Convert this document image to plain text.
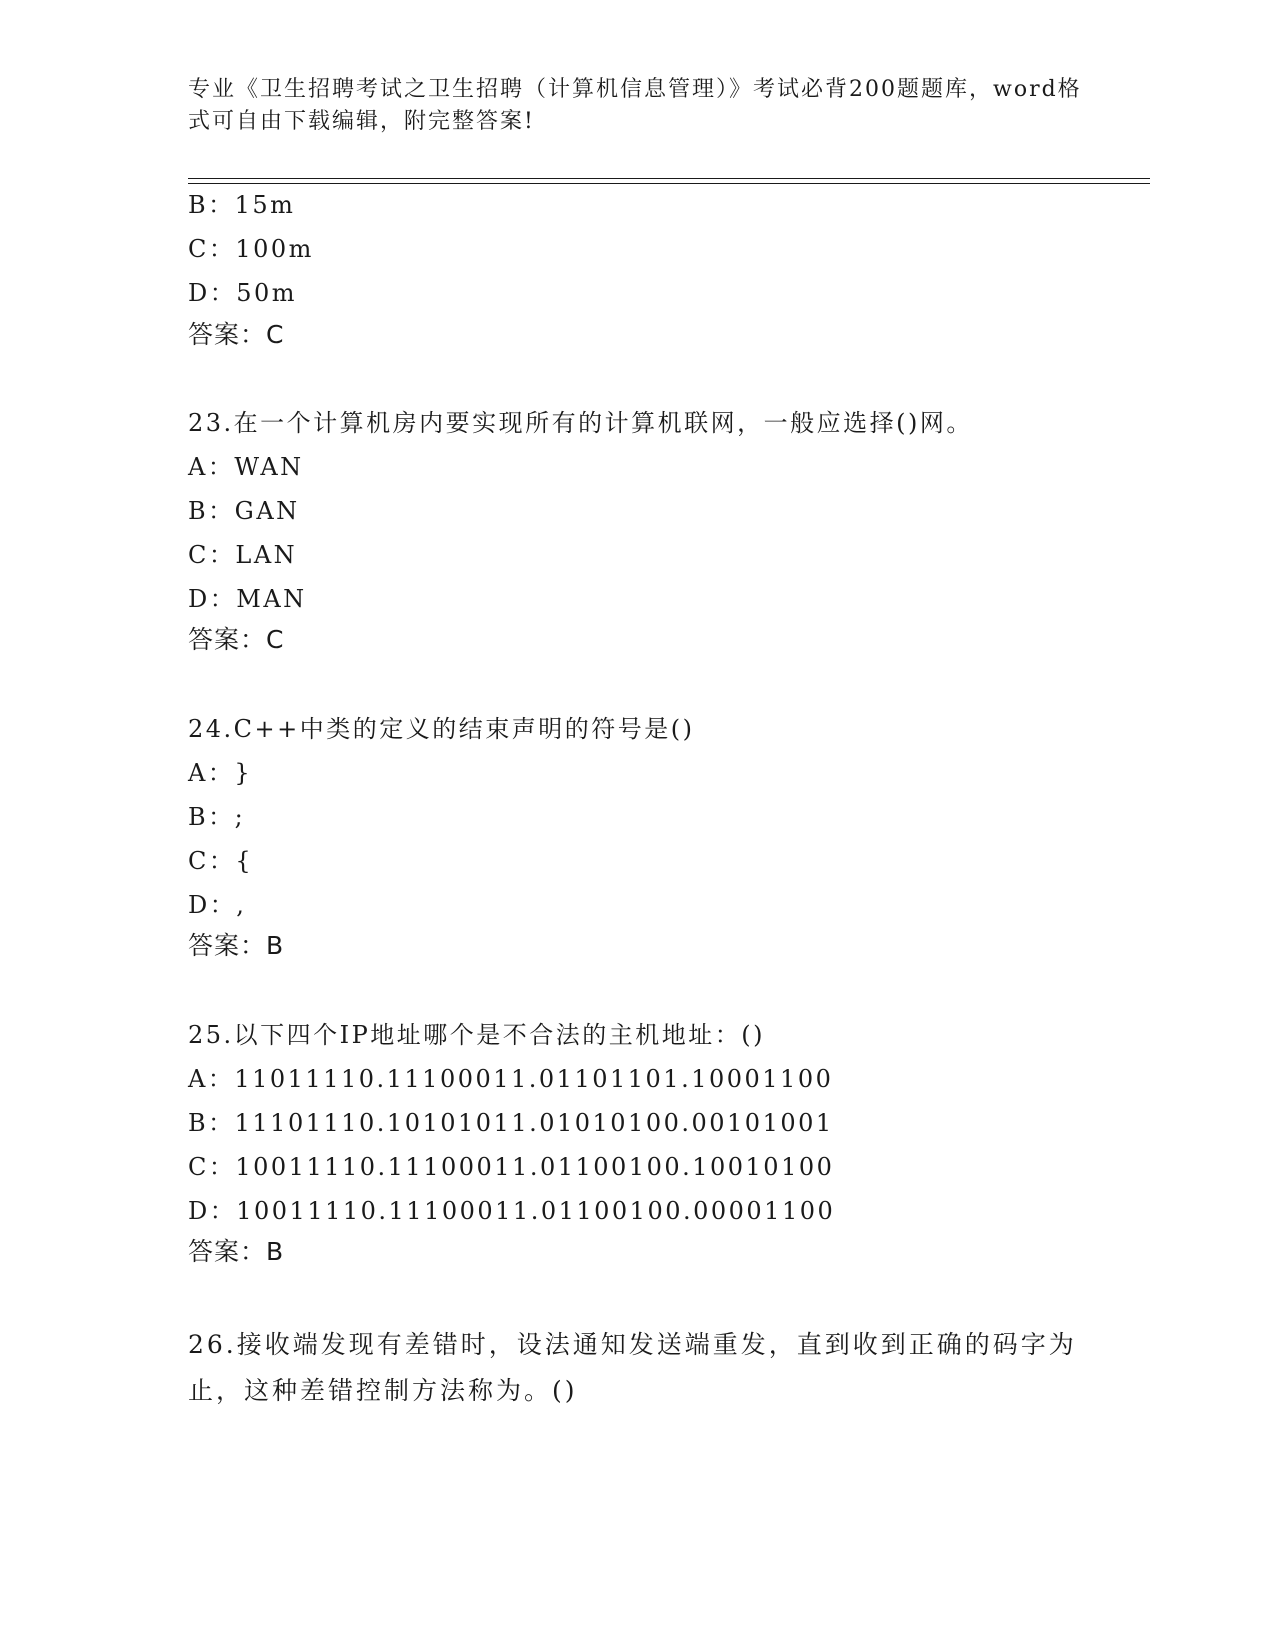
专业《卫生招聘考试之卫生招聘（计算机信息管理）》考试必背200题题库，word格式可自由下载编辑，附完整答案!
B：15m
C：100m
D：50m
答案：C
23.在一个计算机房内要实现所有的计算机联网，一般应选择()网。
A：WAN
B：GAN
C：LAN
D：MAN
答案：C
24.C++中类的定义的结束声明的符号是()
A：}
B：;
C：{
D：,
答案：B
25.以下四个IP地址哪个是不合法的主机地址：()
A：11011110.11100011.01101101.10001100
B：11101110.10101011.01010100.00101001
C：10011110.11100011.01100100.10010100
D：10011110.11100011.01100100.00001100
答案：B
26.接收端发现有差错时，设法通知发送端重发，直到收到正确的码字为止，这种差错控制方法称为。()
